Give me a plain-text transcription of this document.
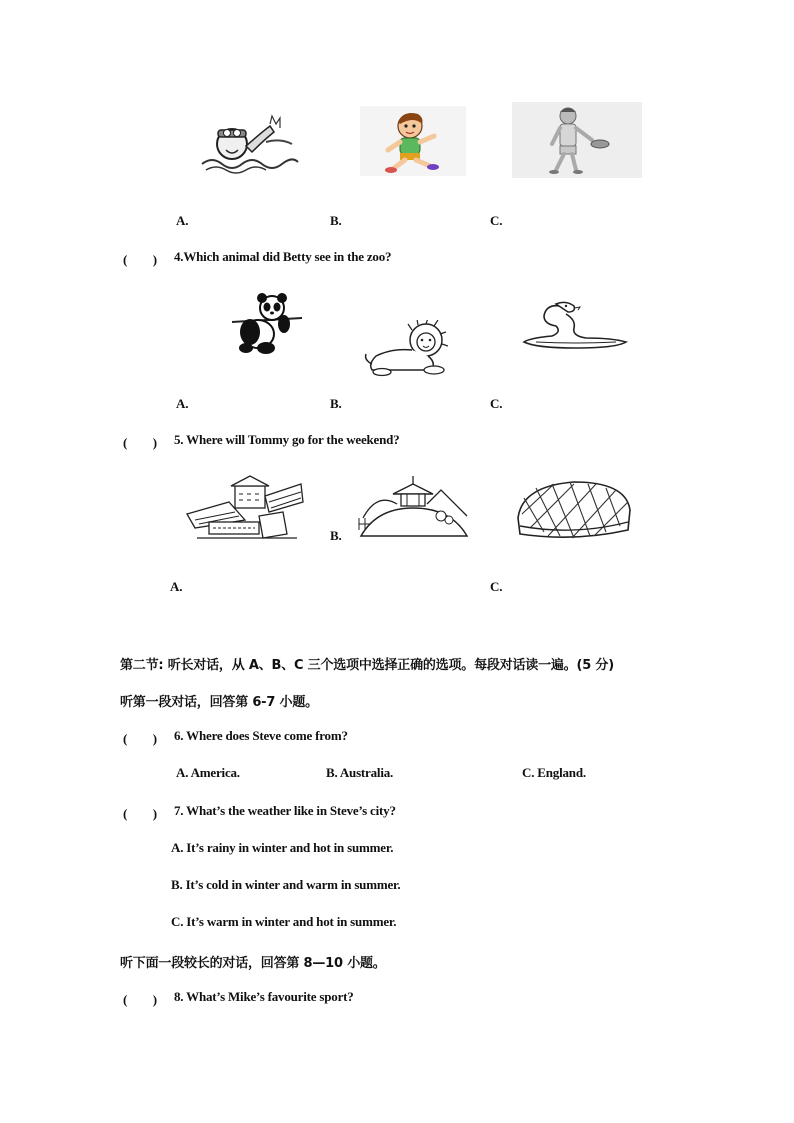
A.	B.	C.
(　　) 4.Which animal did Betty see in the zoo?
A.	B.	C.
(　　) 5. Where will Tommy go for the weekend?
B.
A.	C.
第二节: 听长对话，从 A、B、C 三个选项中选择正确的选项。每段对话读一遍。(5 分)
听第一段对话，回答第 6-7 小题。
(　　) 6. Where does Steve come from?
A. America.	B. Australia.	C. England.
(　　) 7. What’s the weather like in Steve’s city?
A. It’s rainy in winter and hot in summer.
B. It’s cold in winter and warm in summer.
C. It’s warm in winter and hot in summer.
听下面一段较长的对话，回答第 8—10 小题。
(　　) 8. What’s Mike’s favourite sport?
